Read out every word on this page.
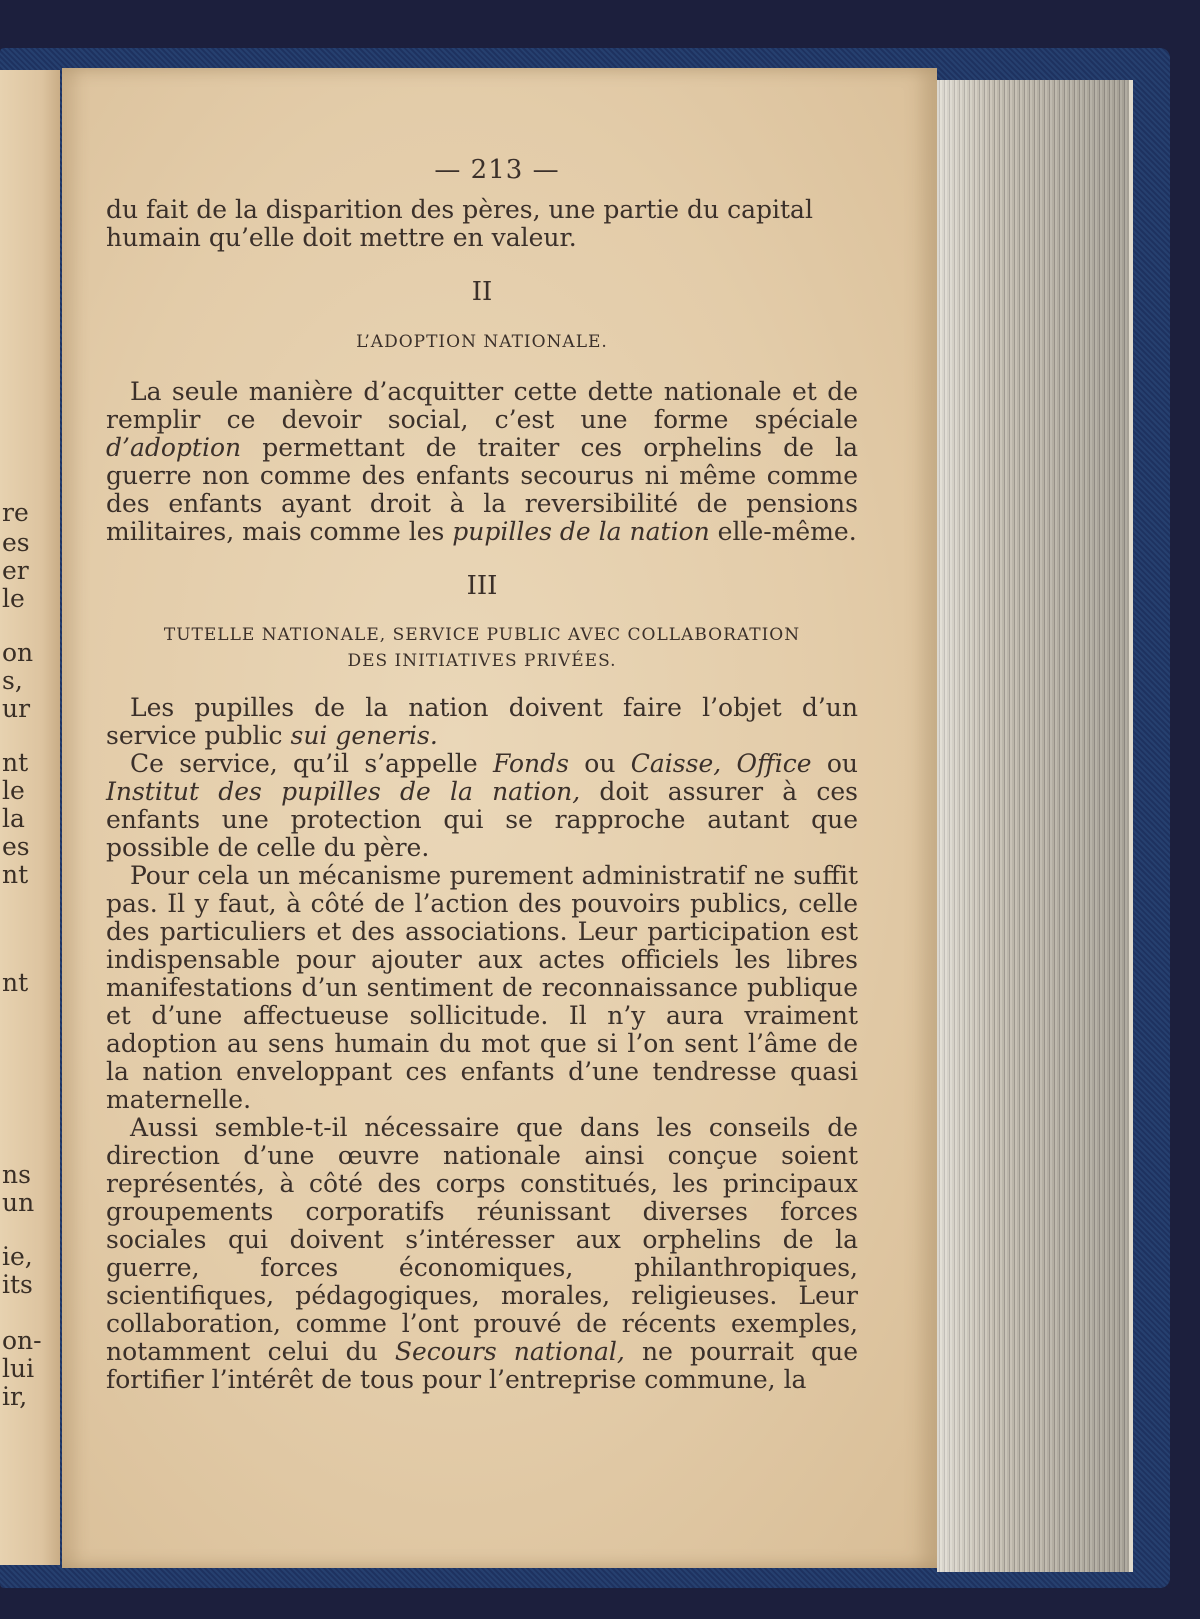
re
es
er
le
on
s,
ur
nt
le
la
es
nt
nt
ns
un
ie,
its
on-
lui
ir,
— 213 —

du fait de la disparition des pères, une partie du capital
humain qu’elle doit mettre en valeur.

II
L’ADOPTION NATIONALE.

La seule manière d’acquitter cette dette nationale et de remplir ce devoir social, c’est une forme spéciale d’adoption permettant de traiter ces orphelins de la guerre non comme des enfants secourus ni même comme des enfants ayant droit à la reversibilité de pensions militaires, mais comme les pupilles de la nation elle-même.

III
TUTELLE NATIONALE, SERVICE PUBLIC AVEC COLLABORATION
DES INITIATIVES PRIVÉES.

Les pupilles de la nation doivent faire l’objet d’un service public sui generis.

Ce service, qu’il s’appelle Fonds ou Caisse, Office ou Institut des pupilles de la nation, doit assurer à ces enfants une protection qui se rapproche autant que possible de celle du père.

Pour cela un mécanisme purement administratif ne suffit pas. Il y faut, à côté de l’action des pouvoirs publics, celle des particuliers et des associations. Leur participation est indispensable pour ajouter aux actes officiels les libres manifestations d’un sentiment de reconnaissance publique et d’une affectueuse sollicitude. Il n’y aura vraiment adoption au sens humain du mot que si l’on sent l’âme de la nation enveloppant ces enfants d’une tendresse quasi maternelle.

Aussi semble-t-il nécessaire que dans les conseils de direction d’une œuvre nationale ainsi conçue soient représentés, à côté des corps constitués, les principaux groupements corporatifs réunissant diverses forces sociales qui doivent s’intéresser aux orphelins de la guerre, forces économiques, philanthropiques, scientifiques, pédagogiques, morales, religieuses. Leur collaboration, comme l’ont prouvé de récents exemples, notamment celui du Secours national, ne pourrait que fortifier l’intérêt de tous pour l’entreprise commune, la
